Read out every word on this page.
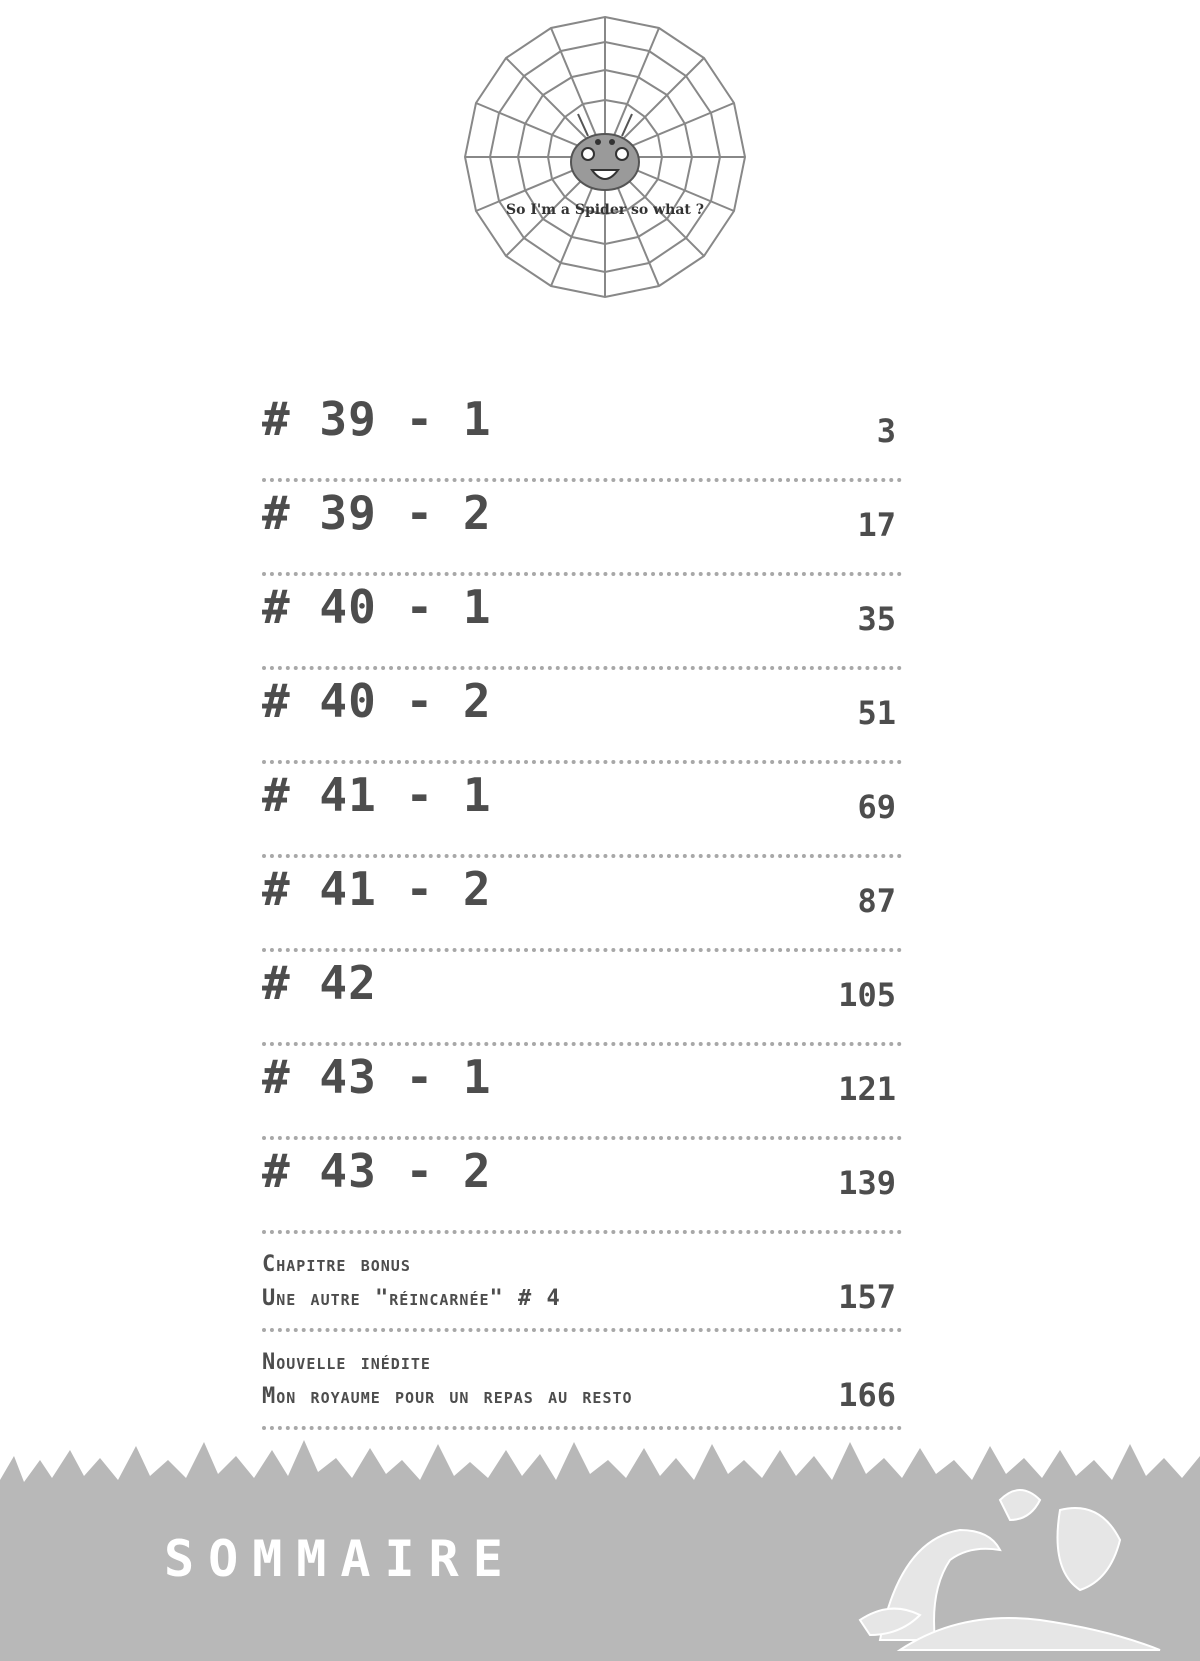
So I'm a Spider so what ?
# 39 - 1	3
# 39 - 2	17
# 40 - 1	35
# 40 - 2	51
# 41 - 1	69
# 41 - 2	87
# 42	105
# 43 - 1	121
# 43 - 2	139
Chapitre bonus
Une autre "réincarnée" # 4	157
Nouvelle inédite
Mon royaume pour un repas au resto	166
SOMMAIRE
